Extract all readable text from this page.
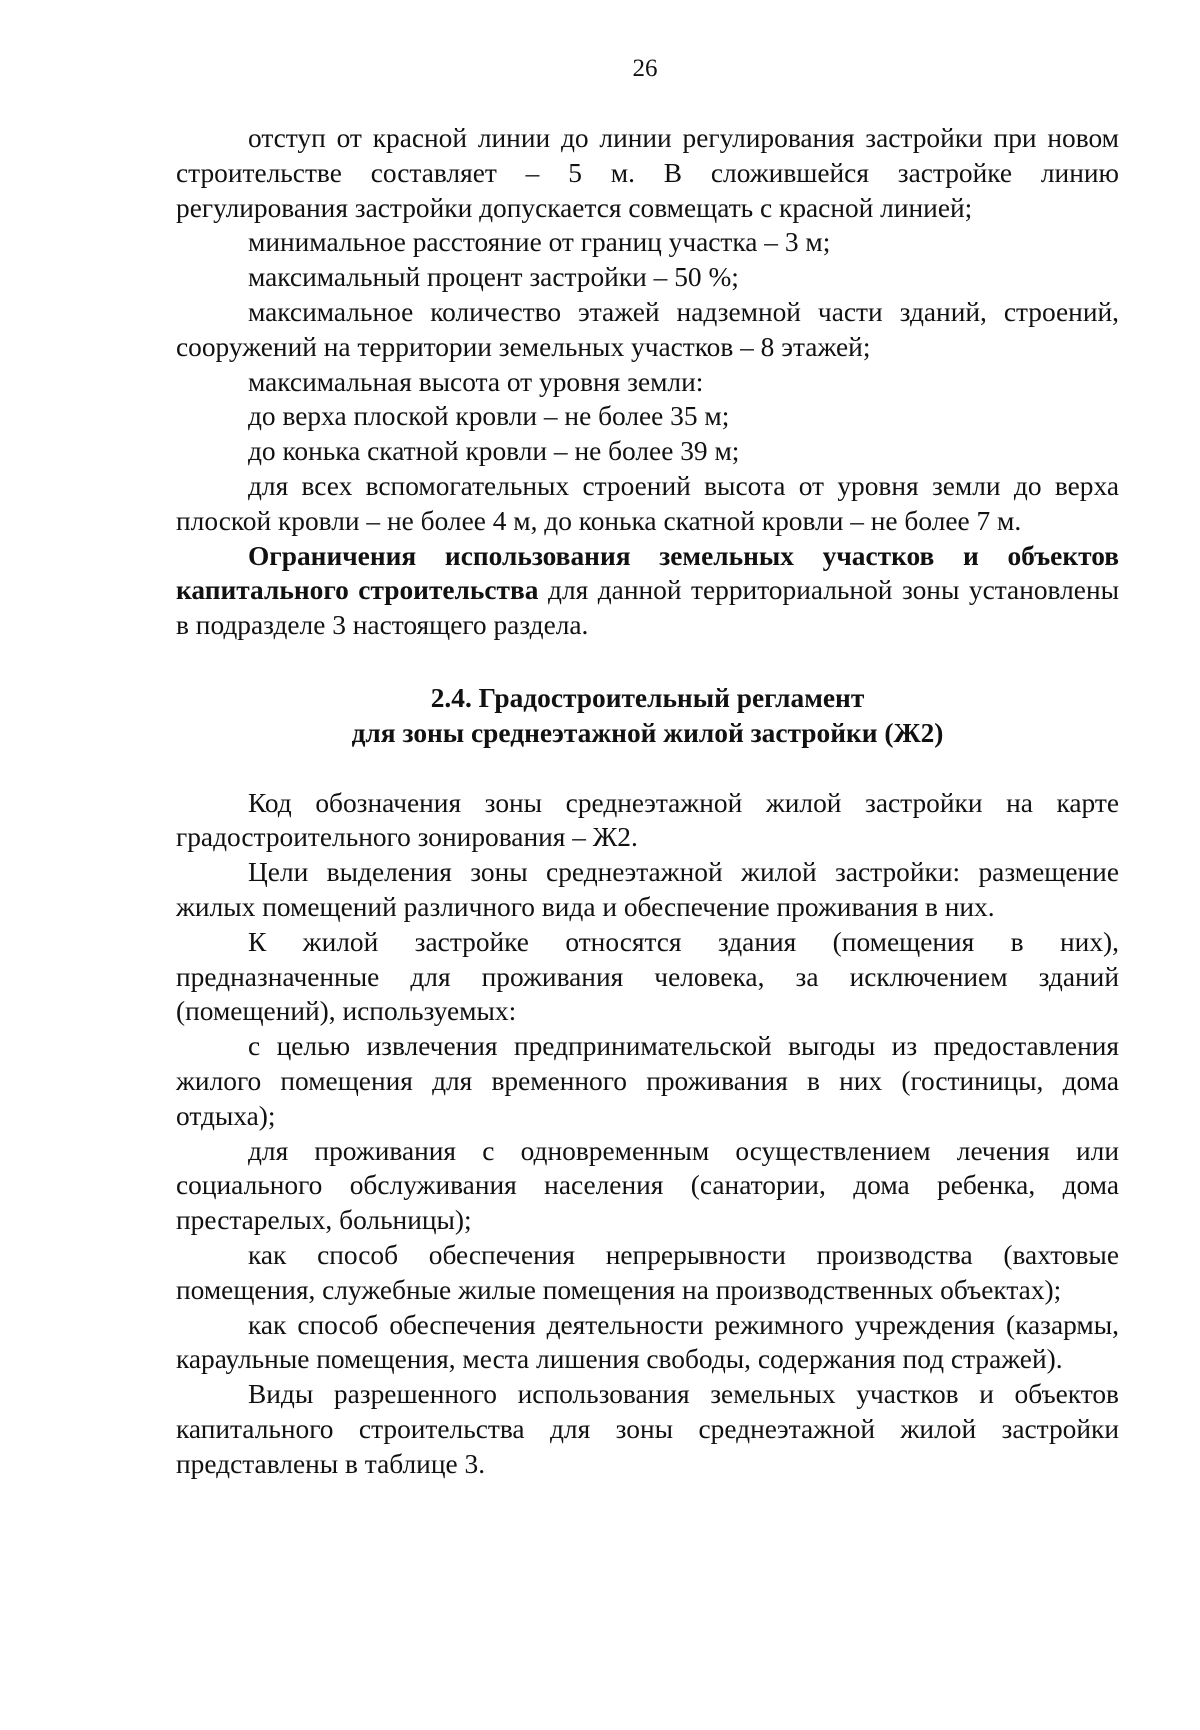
26

отступ от красной линии до линии регулирования застройки при новом строительстве составляет – 5 м. В сложившейся застройке линию регулирования застройки допускается совмещать с красной линией;

минимальное расстояние от границ участка – 3 м;

максимальный процент застройки – 50 %;

максимальное количество этажей надземной части зданий, строений, сооружений на территории земельных участков – 8 этажей;

максимальная высота от уровня земли:

до верха плоской кровли – не более 35 м;

до конька скатной кровли – не более 39 м;

для всех вспомогательных строений высота от уровня земли до верха плоской кровли – не более 4 м, до конька скатной кровли – не более 7 м.

Ограничения использования земельных участков и объектов капитального строительства для данной территориальной зоны установлены в подразделе 3 настоящего раздела.

2.4. Градостроительный регламент
для зоны среднеэтажной жилой застройки (Ж2)

Код обозначения зоны среднеэтажной жилой застройки на карте градостроительного зонирования – Ж2.

Цели выделения зоны среднеэтажной жилой застройки: размещение жилых помещений различного вида и обеспечение проживания в них.

К жилой застройке относятся здания (помещения в них), предназначенные для проживания человека, за исключением зданий (помещений), используемых:

с целью извлечения предпринимательской выгоды из предоставления жилого помещения для временного проживания в них (гостиницы, дома отдыха);

для проживания с одновременным осуществлением лечения или социального обслуживания населения (санатории, дома ребенка, дома престарелых, больницы);

как способ обеспечения непрерывности производства (вахтовые помещения, служебные жилые помещения на производственных объектах);

как способ обеспечения деятельности режимного учреждения (казармы, караульные помещения, места лишения свободы, содержания под стражей).

Виды разрешенного использования земельных участков и объектов капитального строительства для зоны среднеэтажной жилой застройки представлены в таблице 3.
